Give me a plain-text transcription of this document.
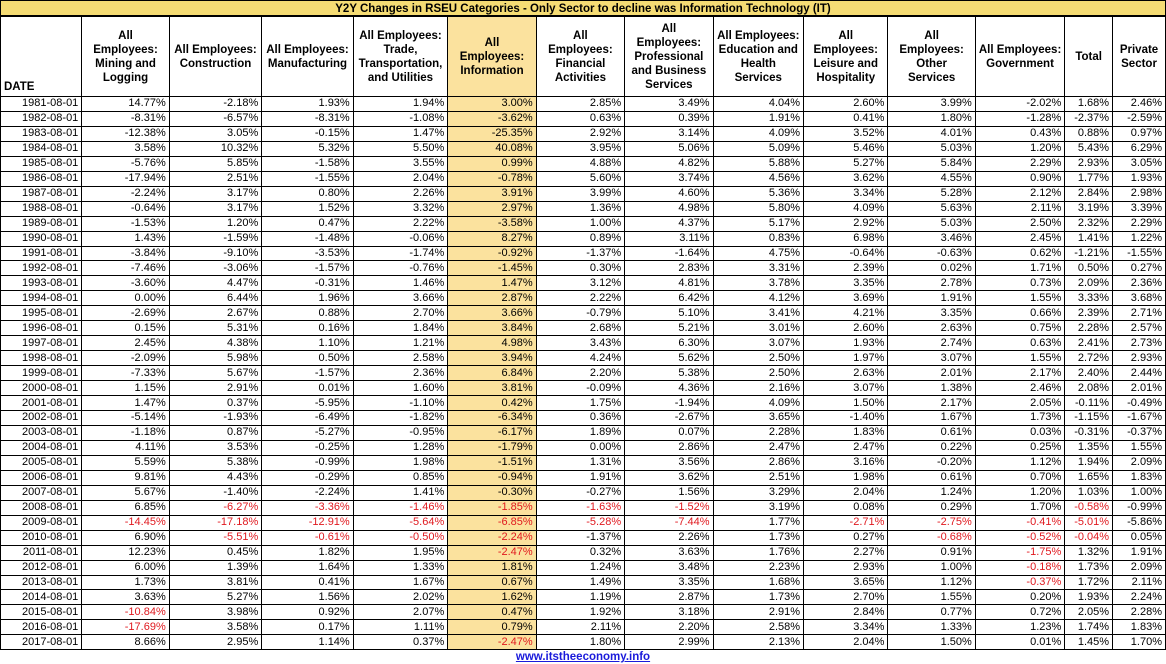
Y2Y Changes in RSEU Categories - Only Sector to decline was Information Technology (IT)
DATE	All Employees: Mining and Logging	All Employees: Construction	All Employees: Manufacturing	All Employees: Trade, Transportation, and Utilities	All Employees: Information	All Employees: Financial Activities	All Employees: Professional and Business Services	All Employees: Education and Health Services	All Employees: Leisure and Hospitality	All Employees: Other Services	All Employees: Government	Total	Private Sector
1981-08-01	14.77%	-2.18%	1.93%	1.94%	3.00%	2.85%	3.49%	4.04%	2.60%	3.99%	-2.02%	1.68%	2.46%
1982-08-01	-8.31%	-6.57%	-8.31%	-1.08%	-3.62%	0.63%	0.39%	1.91%	0.41%	1.80%	-1.28%	-2.37%	-2.59%
1983-08-01	-12.38%	3.05%	-0.15%	1.47%	-25.35%	2.92%	3.14%	4.09%	3.52%	4.01%	0.43%	0.88%	0.97%
1984-08-01	3.58%	10.32%	5.32%	5.50%	40.08%	3.95%	5.06%	5.09%	5.46%	5.03%	1.20%	5.43%	6.29%
1985-08-01	-5.76%	5.85%	-1.58%	3.55%	0.99%	4.88%	4.82%	5.88%	5.27%	5.84%	2.29%	2.93%	3.05%
1986-08-01	-17.94%	2.51%	-1.55%	2.04%	-0.78%	5.60%	3.74%	4.56%	3.62%	4.55%	0.90%	1.77%	1.93%
1987-08-01	-2.24%	3.17%	0.80%	2.26%	3.91%	3.99%	4.60%	5.36%	3.34%	5.28%	2.12%	2.84%	2.98%
1988-08-01	-0.64%	3.17%	1.52%	3.32%	2.97%	1.36%	4.98%	5.80%	4.09%	5.63%	2.11%	3.19%	3.39%
1989-08-01	-1.53%	1.20%	0.47%	2.22%	-3.58%	1.00%	4.37%	5.17%	2.92%	5.03%	2.50%	2.32%	2.29%
1990-08-01	1.43%	-1.59%	-1.48%	-0.06%	8.27%	0.89%	3.11%	0.83%	6.98%	3.46%	2.45%	1.41%	1.22%
1991-08-01	-3.84%	-9.10%	-3.53%	-1.74%	-0.92%	-1.37%	-1.64%	4.75%	-0.64%	-0.63%	0.62%	-1.21%	-1.55%
1992-08-01	-7.46%	-3.06%	-1.57%	-0.76%	-1.45%	0.30%	2.83%	3.31%	2.39%	0.02%	1.71%	0.50%	0.27%
1993-08-01	-3.60%	4.47%	-0.31%	1.46%	1.47%	3.12%	4.81%	3.78%	3.35%	2.78%	0.73%	2.09%	2.36%
1994-08-01	0.00%	6.44%	1.96%	3.66%	2.87%	2.22%	6.42%	4.12%	3.69%	1.91%	1.55%	3.33%	3.68%
1995-08-01	-2.69%	2.67%	0.88%	2.70%	3.66%	-0.79%	5.10%	3.41%	4.21%	3.35%	0.66%	2.39%	2.71%
1996-08-01	0.15%	5.31%	0.16%	1.84%	3.84%	2.68%	5.21%	3.01%	2.60%	2.63%	0.75%	2.28%	2.57%
1997-08-01	2.45%	4.38%	1.10%	1.21%	4.98%	3.43%	6.30%	3.07%	1.93%	2.74%	0.63%	2.41%	2.73%
1998-08-01	-2.09%	5.98%	0.50%	2.58%	3.94%	4.24%	5.62%	2.50%	1.97%	3.07%	1.55%	2.72%	2.93%
1999-08-01	-7.33%	5.67%	-1.57%	2.36%	6.84%	2.20%	5.38%	2.50%	2.63%	2.01%	2.17%	2.40%	2.44%
2000-08-01	1.15%	2.91%	0.01%	1.60%	3.81%	-0.09%	4.36%	2.16%	3.07%	1.38%	2.46%	2.08%	2.01%
2001-08-01	1.47%	0.37%	-5.95%	-1.10%	0.42%	1.75%	-1.94%	4.09%	1.50%	2.17%	2.05%	-0.11%	-0.49%
2002-08-01	-5.14%	-1.93%	-6.49%	-1.82%	-6.34%	0.36%	-2.67%	3.65%	-1.40%	1.67%	1.73%	-1.15%	-1.67%
2003-08-01	-1.18%	0.87%	-5.27%	-0.95%	-6.17%	1.89%	0.07%	2.28%	1.83%	0.61%	0.03%	-0.31%	-0.37%
2004-08-01	4.11%	3.53%	-0.25%	1.28%	-1.79%	0.00%	2.86%	2.47%	2.47%	0.22%	0.25%	1.35%	1.55%
2005-08-01	5.59%	5.38%	-0.99%	1.98%	-1.51%	1.31%	3.56%	2.86%	3.16%	-0.20%	1.12%	1.94%	2.09%
2006-08-01	9.81%	4.43%	-0.29%	0.85%	-0.94%	1.91%	3.62%	2.51%	1.98%	0.61%	0.70%	1.65%	1.83%
2007-08-01	5.67%	-1.40%	-2.24%	1.41%	-0.30%	-0.27%	1.56%	3.29%	2.04%	1.24%	1.20%	1.03%	1.00%
2008-08-01	6.85%	-6.27%	-3.36%	-1.46%	-1.85%	-1.63%	-1.52%	3.19%	0.08%	0.29%	1.70%	-0.58%	-0.99%
2009-08-01	-14.45%	-17.18%	-12.91%	-5.64%	-6.85%	-5.28%	-7.44%	1.77%	-2.71%	-2.75%	-0.41%	-5.01%	-5.86%
2010-08-01	6.90%	-5.51%	-0.61%	-0.50%	-2.24%	-1.37%	2.26%	1.73%	0.27%	-0.68%	-0.52%	-0.04%	0.05%
2011-08-01	12.23%	0.45%	1.82%	1.95%	-2.47%	0.32%	3.63%	1.76%	2.27%	0.91%	-1.75%	1.32%	1.91%
2012-08-01	6.00%	1.39%	1.64%	1.33%	1.81%	1.24%	3.48%	2.23%	2.93%	1.00%	-0.18%	1.73%	2.09%
2013-08-01	1.73%	3.81%	0.41%	1.67%	0.67%	1.49%	3.35%	1.68%	3.65%	1.12%	-0.37%	1.72%	2.11%
2014-08-01	3.63%	5.27%	1.56%	2.02%	1.62%	1.19%	2.87%	1.73%	2.70%	1.55%	0.20%	1.93%	2.24%
2015-08-01	-10.84%	3.98%	0.92%	2.07%	0.47%	1.92%	3.18%	2.91%	2.84%	0.77%	0.72%	2.05%	2.28%
2016-08-01	-17.69%	3.58%	0.17%	1.11%	0.79%	2.11%	2.20%	2.58%	3.34%	1.33%	1.23%	1.74%	1.83%
2017-08-01	8.66%	2.95%	1.14%	0.37%	-2.47%	1.80%	2.99%	2.13%	2.04%	1.50%	0.01%	1.45%	1.70%
www.itstheeconomy.info
